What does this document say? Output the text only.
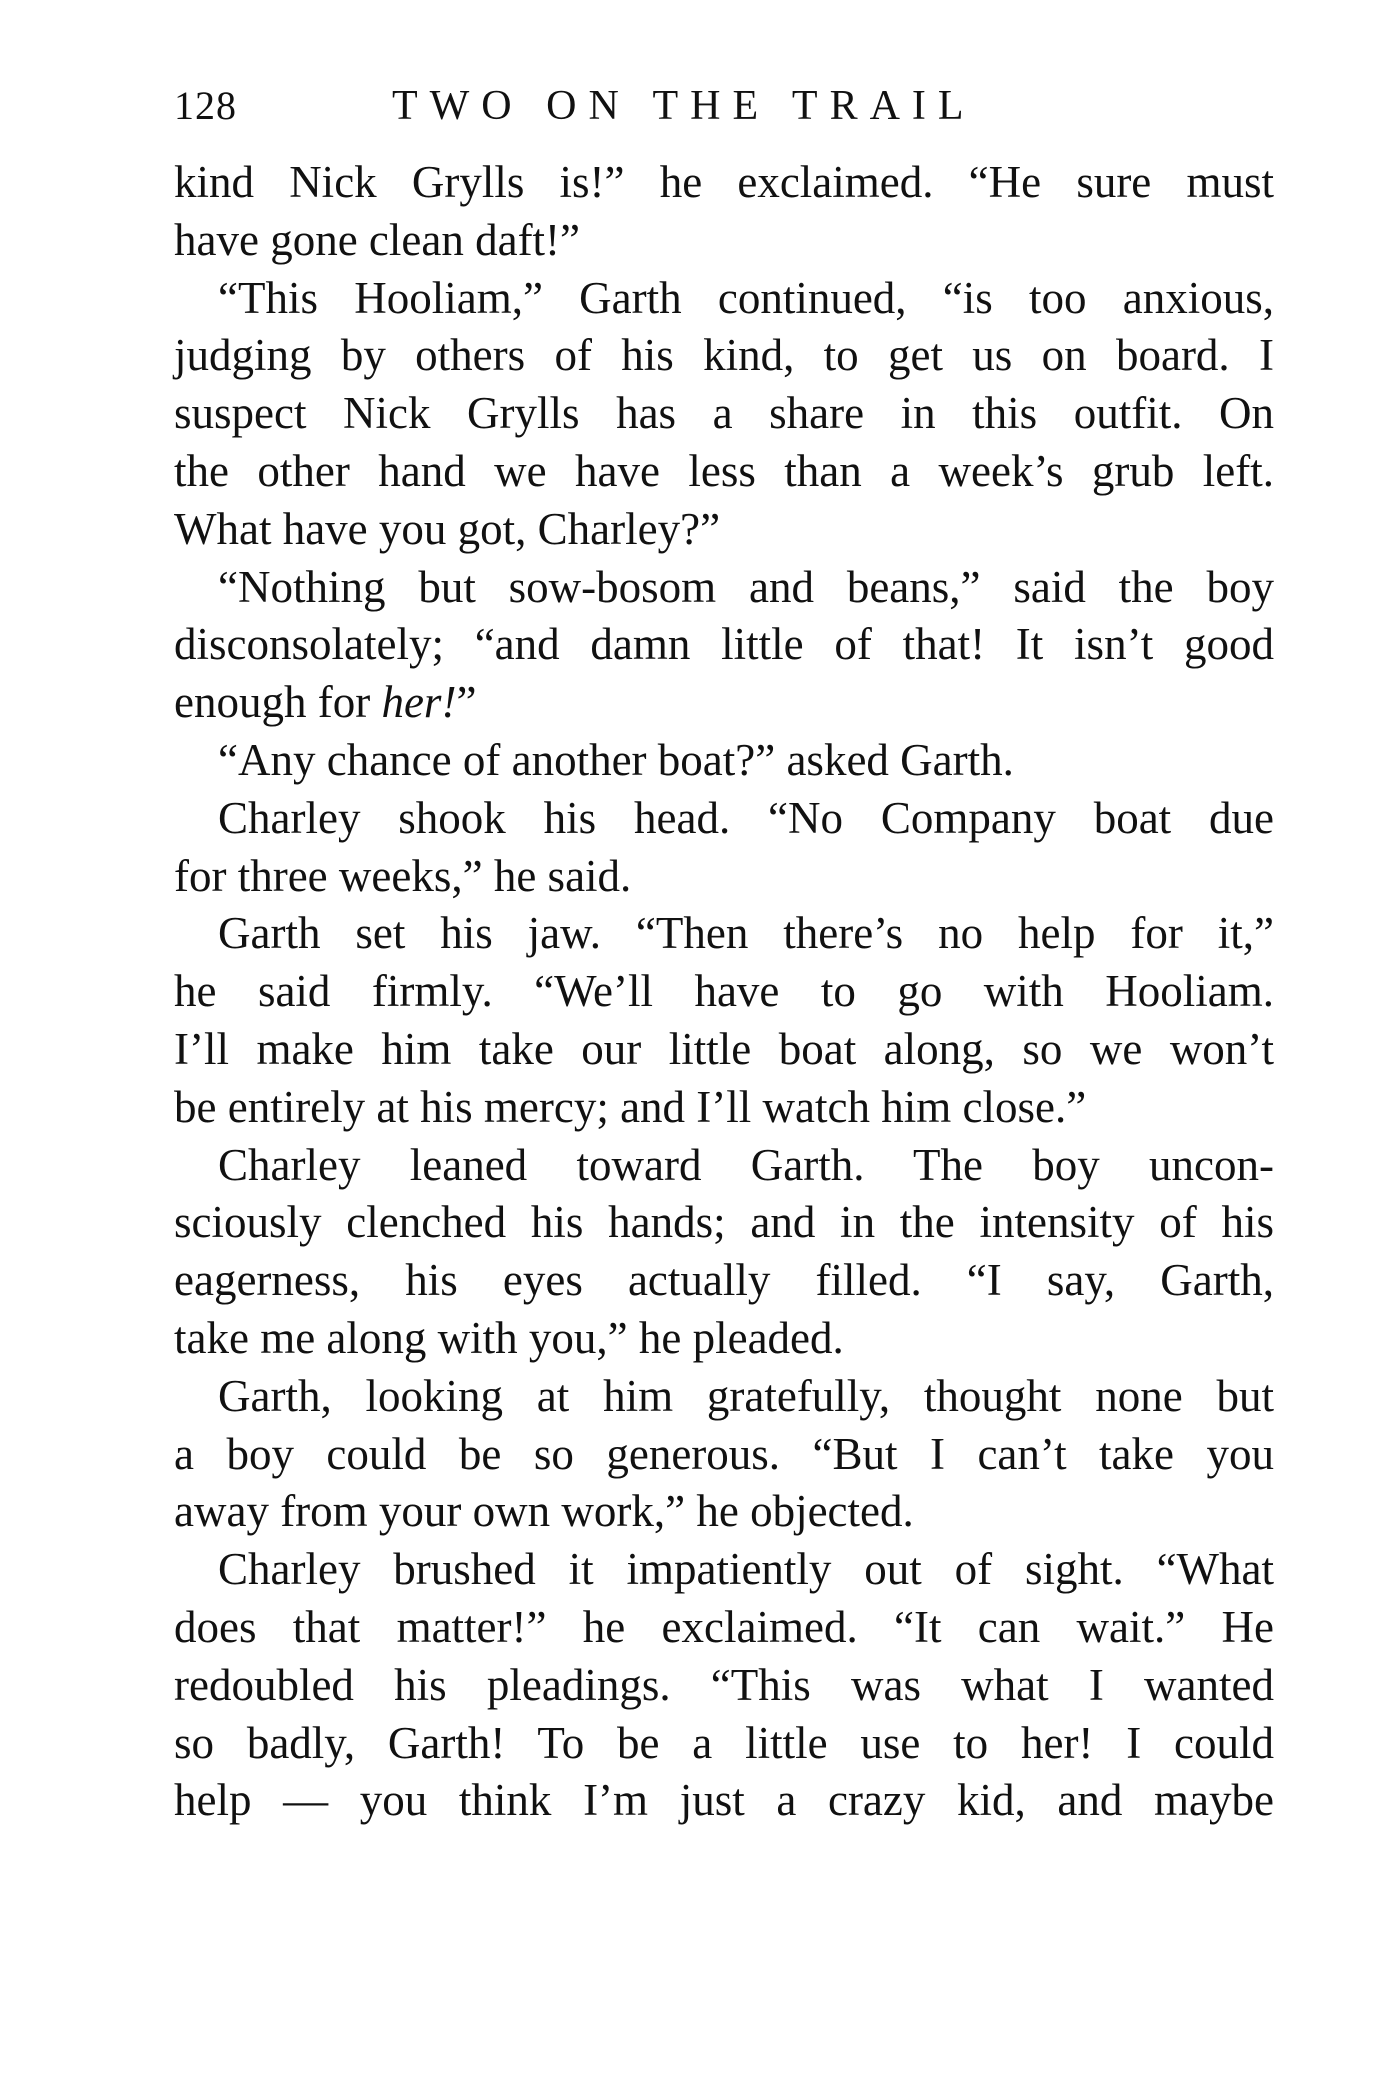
128	TWO ON THE TRAIL
kind Nick Grylls is!” he exclaimed. “He sure must
have gone clean daft!”
“This Hooliam,” Garth continued, “is too anxious,
judging by others of his kind, to get us on board. I
suspect Nick Grylls has a share in this outfit. On
the other hand we have less than a week’s grub left.
What have you got, Charley?”
“Nothing but sow-bosom and beans,” said the boy
disconsolately; “and damn little of that! It isn’t good
enough for her!”
“Any chance of another boat?” asked Garth.
Charley shook his head. “No Company boat due
for three weeks,” he said.
Garth set his jaw. “Then there’s no help for it,”
he said firmly. “We’ll have to go with Hooliam.
I’ll make him take our little boat along, so we won’t
be entirely at his mercy; and I’ll watch him close.”
Charley leaned toward Garth. The boy uncon-
sciously clenched his hands; and in the intensity of his
eagerness, his eyes actually filled. “I say, Garth,
take me along with you,” he pleaded.
Garth, looking at him gratefully, thought none but
a boy could be so generous. “But I can’t take you
away from your own work,” he objected.
Charley brushed it impatiently out of sight. “What
does that matter!” he exclaimed. “It can wait.” He
redoubled his pleadings. “This was what I wanted
so badly, Garth! To be a little use to her! I could
help — you think I’m just a crazy kid, and maybe
